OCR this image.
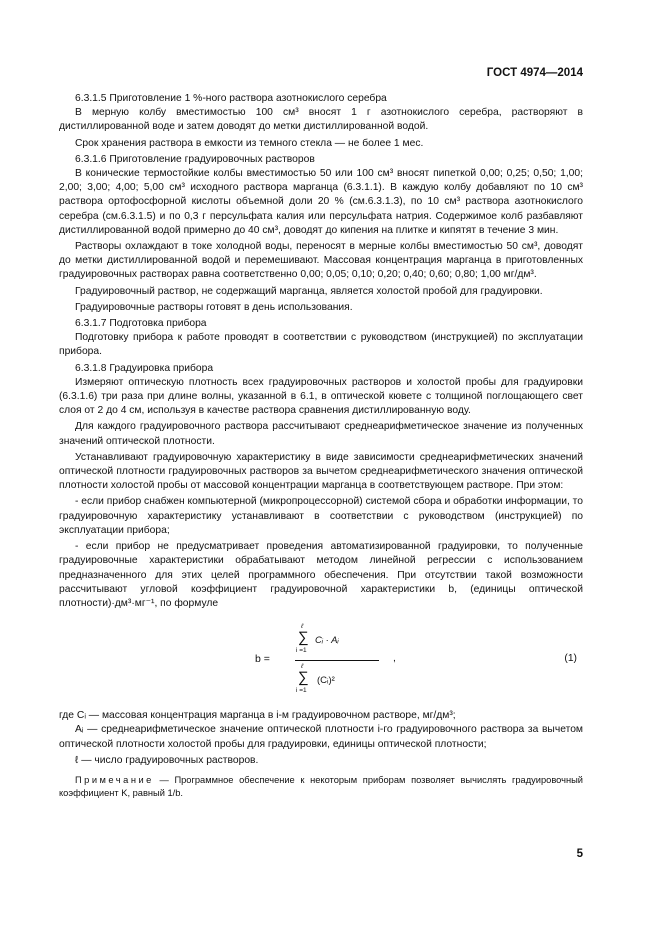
ГОСТ 4974—2014

6.3.1.5 Приготовление 1 %-ного раствора азотнокислого серебра

В мерную колбу вместимостью 100 см³ вносят 1 г азотнокислого серебра, растворяют в дистиллированной воде и затем доводят до метки дистиллированной водой.

Срок хранения раствора в емкости из темного стекла — не более 1 мес.

6.3.1.6 Приготовление градуировочных растворов

В конические термостойкие колбы вместимостью 50 или 100 см³ вносят пипеткой 0,00; 0,25; 0,50; 1,00; 2,00; 3,00; 4,00; 5,00 см³ исходного раствора марганца (6.3.1.1). В каждую колбу добавляют по 10 см³ раствора ортофосфорной кислоты объемной доли 20 % (см.6.3.1.3), по 10 см³ раствора азотнокислого серебра (см.6.3.1.5) и по 0,3 г персульфата калия или персульфата натрия. Содержимое колб разбавляют дистиллированной водой примерно до 40 см³, доводят до кипения на плитке и кипятят в течение 3 мин.

Растворы охлаждают в токе холодной воды, переносят в мерные колбы вместимостью 50 см³, доводят до метки дистиллированной водой и перемешивают. Массовая концентрация марганца в приготовленных градуировочных растворах равна соответственно 0,00; 0,05; 0,10; 0,20; 0,40; 0,60; 0,80; 1,00 мг/дм³.

Градуировочный раствор, не содержащий марганца, является холостой пробой для градуировки.

Градуировочные растворы готовят в день использования.

6.3.1.7 Подготовка прибора

Подготовку прибора к работе проводят в соответствии с руководством (инструкцией) по эксплуатации прибора.

6.3.1.8 Градуировка прибора

Измеряют оптическую плотность всех градуировочных растворов и холостой пробы для градуировки (6.3.1.6) три раза при длине волны, указанной в 6.1, в оптической кювете с толщиной поглощающего свет слоя от 2 до 4 см, используя в качестве раствора сравнения дистиллированную воду.

Для каждого градуировочного раствора рассчитывают среднеарифметическое значение из полученных значений оптической плотности.

Устанавливают градуировочную характеристику в виде зависимости среднеарифметических значений оптической плотности градуировочных растворов за вычетом среднеарифметического значения оптической плотности холостой пробы от массовой концентрации марганца в соответствующем растворе. При этом:

- если прибор снабжен компьютерной (микропроцессорной) системой сбора и обработки информации, то градуировочную характеристику устанавливают в соответствии с руководством (инструкцией) по эксплуатации прибора;

- если прибор не предусматривает проведения автоматизированной градуировки, то полученные градуировочные характеристики обрабатывают методом линейной регрессии с использованием предназначенного для этих целей программного обеспечения. При отсутствии такой возможности рассчитывают угловой коэффициент градуировочной характеристики b, (единицы оптической плотности)·дм³·мг⁻¹, по формуле

b =
ℓ
∑
i =1
Cᵢ · Aᵢ
ℓ
∑
i =1
(Cᵢ)²
,	(1)

где Cᵢ — массовая концентрация марганца в i-м градуировочном растворе, мг/дм³;

Aᵢ — среднеарифметическое значение оптической плотности i-го градуировочного раствора за вычетом оптической плотности холостой пробы для градуировки, единицы оптической плотности;

ℓ — число градуировочных растворов.

Примечание — Программное обеспечение к некоторым приборам позволяет вычислять градуировочный коэффициент K, равный 1/b.

5
